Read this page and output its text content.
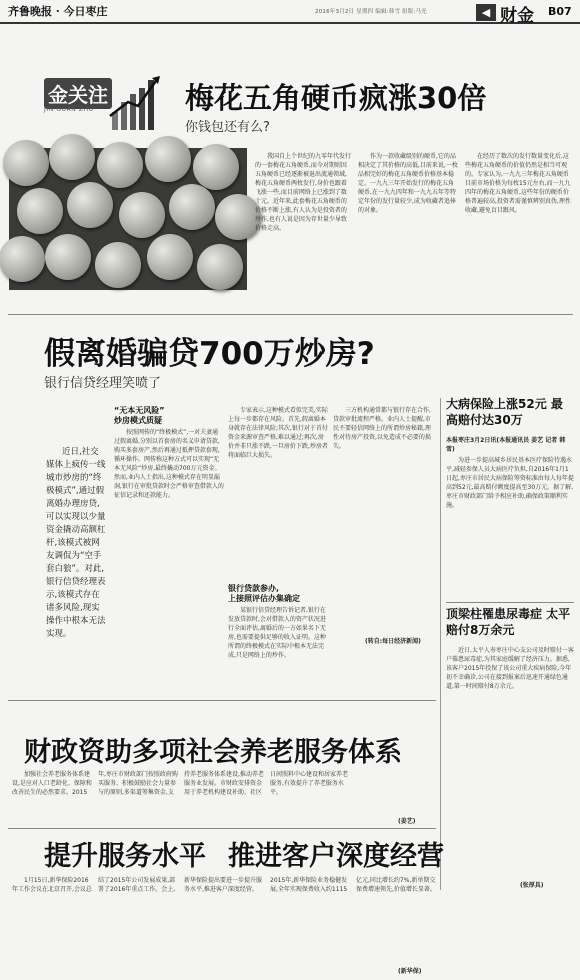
齐鲁晚报 · 今日枣庄	2016年3月2日 星期四 编辑:韩雪 组版:马光	◀ 财金 B07
金关注
JIN GUAN ZHU	梅花五角硬币疯涨30倍
你钱包还有么?
我国自上个世纪的九零年代发行的一套梅花五角硬币,而今对期则因五角硬币已经逐渐被退出流通领域,梅花五角硬币两枚发行,身价也跟着飞涨一些,而目前网络上已涨到了数十元。近年来,此套梅花五角硬币的价格不断上涨,有人认为是投资者的炒作,也有人说是因为存世量少导致价格走高。
作为一款收藏级别的硬币,它的品相决定了其价格的高低,目前来说,一枚品相完好的梅花五角硬币价格基本稳定。一九九三年开始发行的梅花五角硬币,在一九九四年和一九九五年等特定年份的发行量较少,成为收藏者追捧的对象。
在经历了数次的发行数量变化后,这些梅花五角硬币的价值仍然是相当可观的。专家认为,一九九三年梅花五角硬币目前市场价格为每枚15元左右,而一九九四年的梅花五角硬币,这些年份的硬币价格普遍较高,投资者需谨慎辨别真伪,理性收藏,避免盲目跟风。
假离婚骗贷700万炒房?
银行信贷经理笑喷了
近日,社交媒体上疯传一线城市炒房的“终极模式”,通过假离婚办理房贷,可以实现以少量资金撬动高额杠杆,该模式被网友调侃为“空手套白狼”。对此,银行信贷经理表示,该模式存在诸多风险,现实操作中根本无法实现。
“无本无风险”
炒房模式质疑
按照网传的“终极模式”,一对夫妻通过假离婚,分别以首套房的名义申请贷款,购买多套房产,然后再通过抵押贷款套现,循环操作。网传称这种方式可以实现“无本无风险”炒房,最终撬动700万元资金。然而,业内人士指出,这种模式存在明显漏洞,银行在审批贷款时会严格审查借款人的征信记录和还款能力。
专家表示,这种模式看似完美,实际上每一步都存在风险。首先,假离婚本身就存在法律风险;其次,银行对于首付资金来源审查严格,难以通过;再次,房价并非只涨不跌,一旦房价下跌,炒房者将面临巨大损失。
银行贷款参办,
上接照评估办集确定
某银行信贷经理告诉记者,银行在发放贷款时,会对借款人的资产状况进行全面评估,离婚后的一方如果名下无房,也需要提供足够的收入证明。这种所谓的终极模式在实际中根本无法完成,只是网络上的炒作。
三方机构通常都与银行存在合作,贷款审批流程严格。业内人士提醒,市民不要轻信网络上的所谓炒房秘籍,理性对待房产投资,以免造成不必要的损失。
(转自:每日经济新闻)
大病保险上涨52元 最高赔付达30万
本报枣庄3月2日讯(本报通讯员 姜艺 记者 韩雪)
为进一步提高城乡居民基本医疗保险待遇水平,减轻参保人员大病医疗负担,自2016年1月1日起,枣庄市居民大病保险筹资标准由每人每年提高到52元,最高赔付额度提高至30万元。据了解,枣庄市财政部门给予相应补助,确保政策顺利实施。
顶梁柱罹患尿毒症 太平赔付8万余元
近日,太平人寿枣庄中心支公司及时赔付一客户罹患尿毒症,为其家庭缓解了经济压力。据悉,该客户2015年投保了该公司重大疾病保险,今年初不幸确诊,公司在接到报案后迅速开通绿色通道,第一时间赔付8万余元。
(张厚具)
财政资助多项社会养老服务体系
加强社会养老服务体系建设,是应对人口老龄化、保障和改善民生的必然要求。2015年,枣庄市财政部门按照政府购买服务、积极鼓励社会力量参与的原则,多渠道筹集资金,支持养老服务体系建设,推动养老服务业发展。市财政安排资金用于养老机构建设补助、社区日间照料中心建设和居家养老服务,有效提升了养老服务水平。
(姜艺)
提升服务水平 推进客户深度经营
1月15日,新华保险2016年工作会议在北京召开,会议总结了2015年公司发展成果,部署了2016年重点工作。会上,新华保险提出要进一步提升服务水平,推进客户深度经营。2015年,新华保险业务稳健发展,全年实现保费收入约1115亿元,同比增长约7%,新单期交保费增速领先,价值增长显著。
(新华保)
